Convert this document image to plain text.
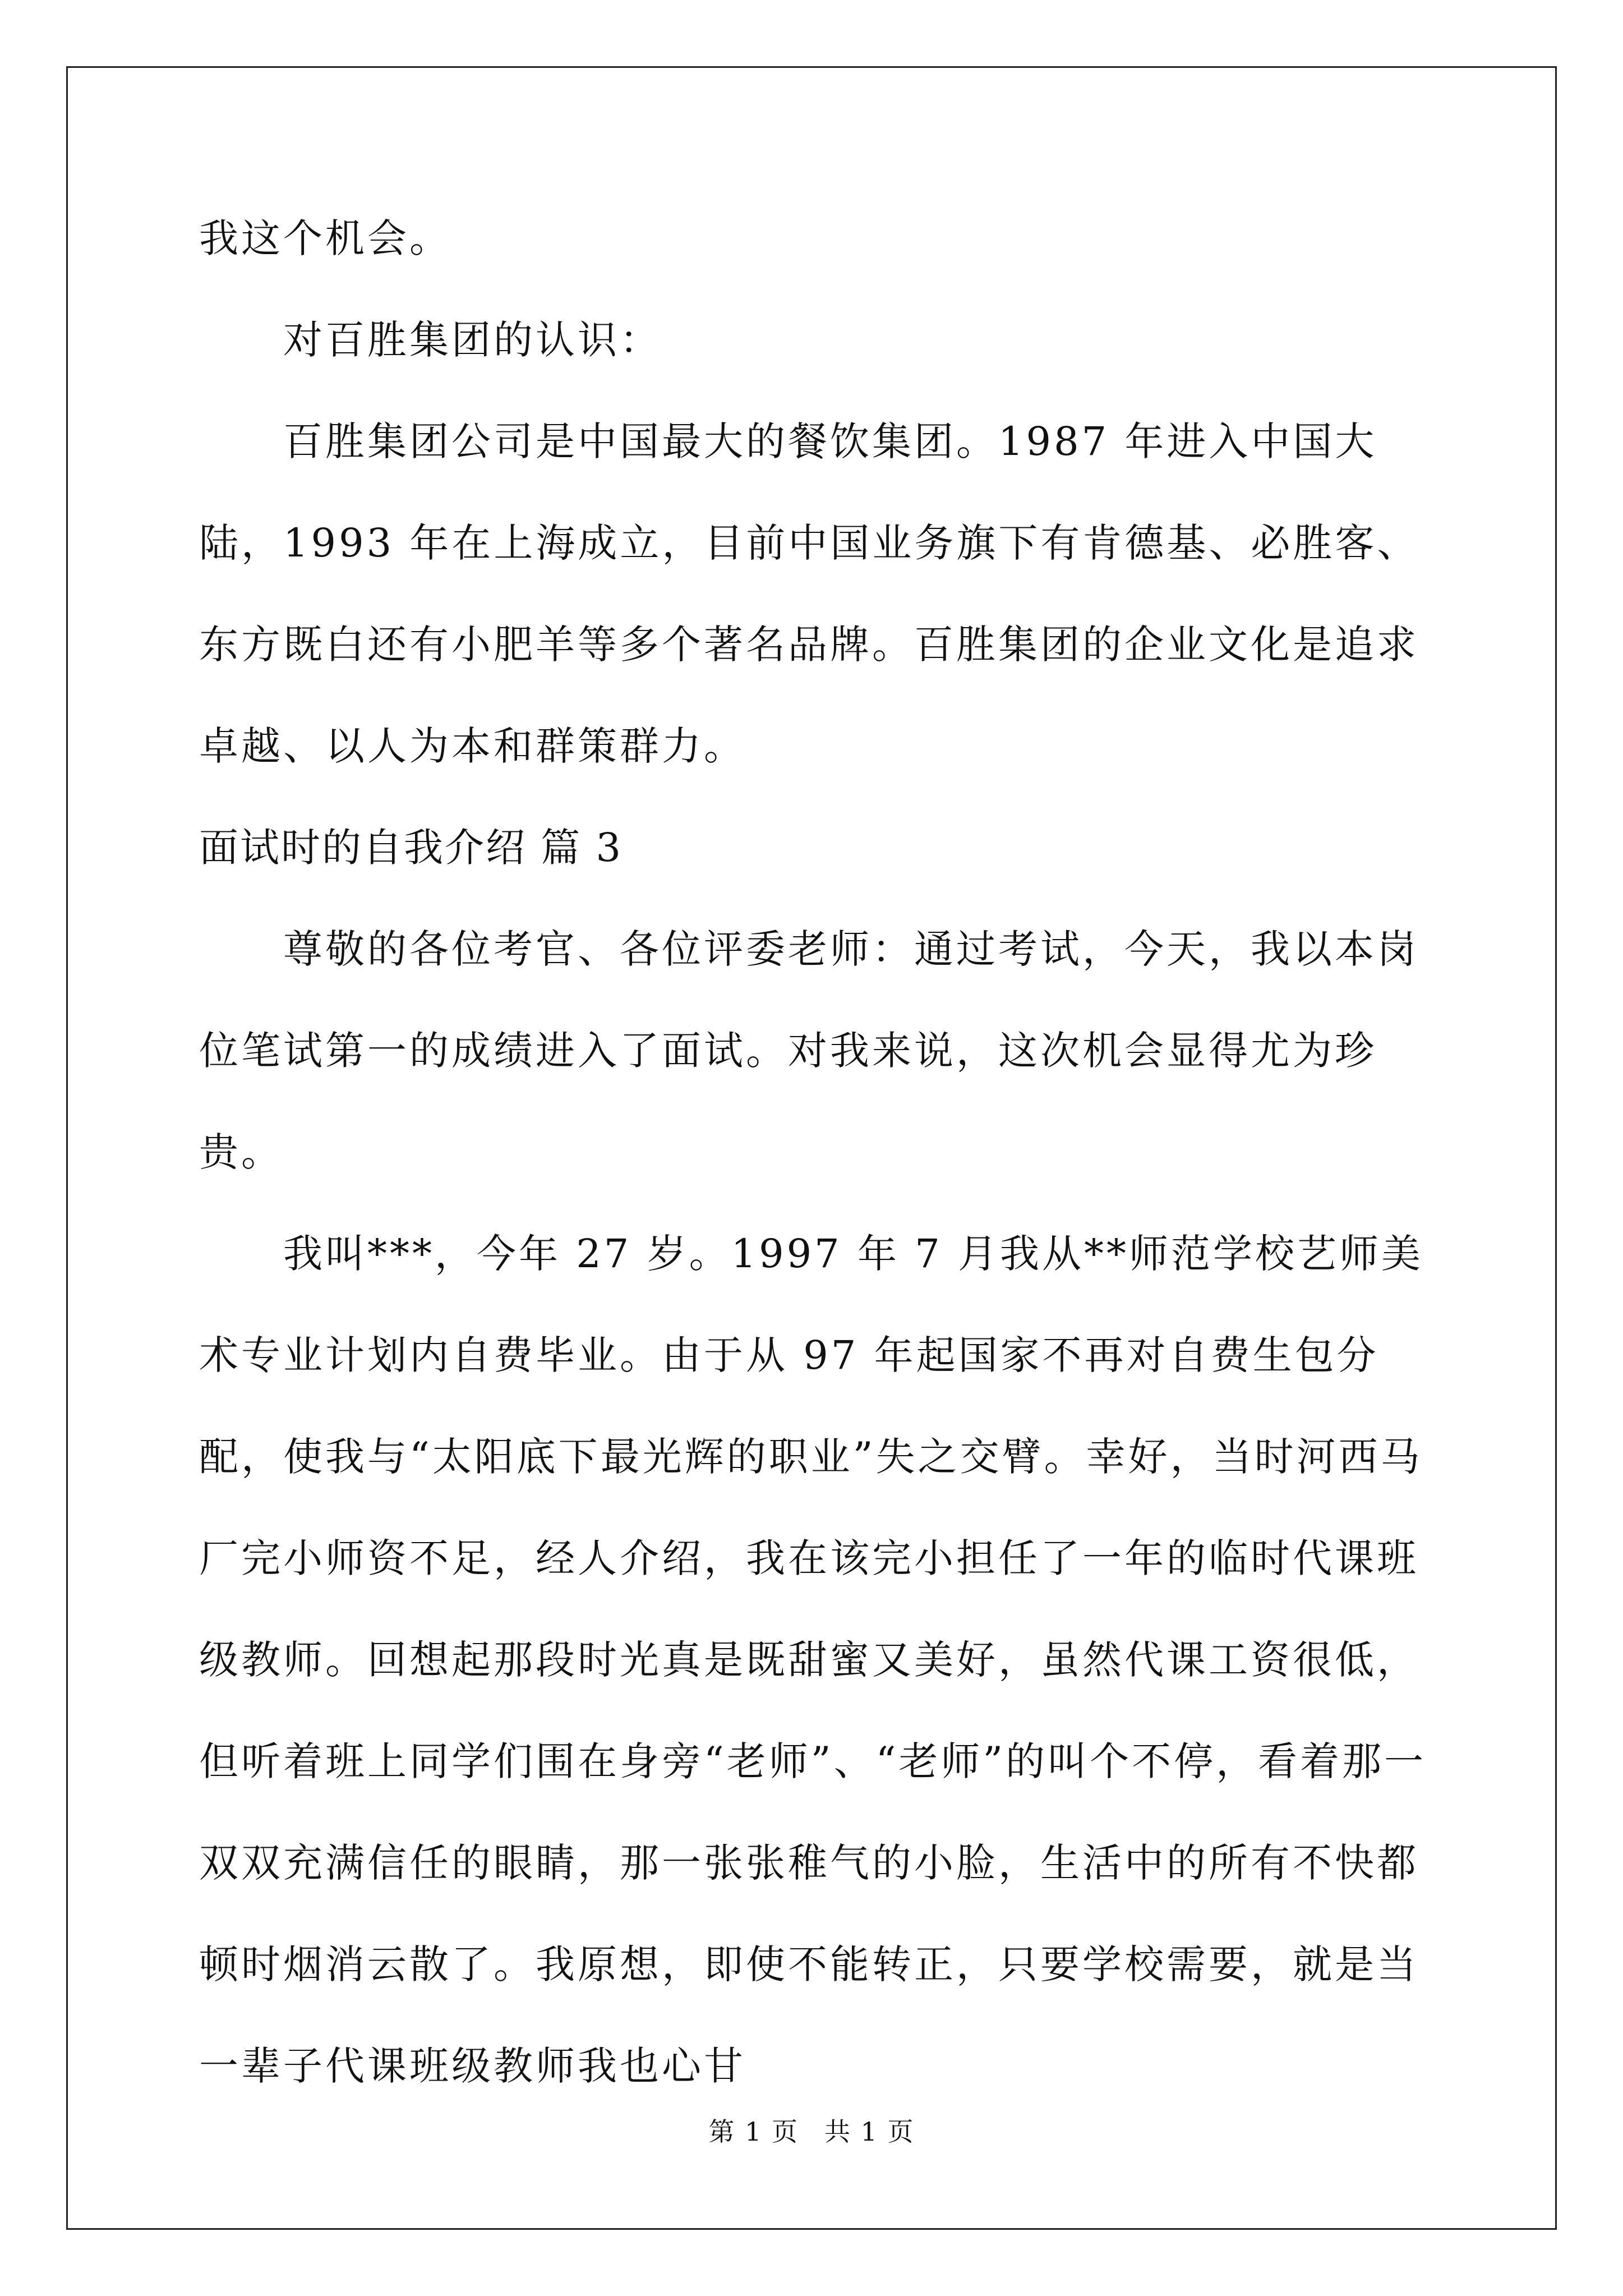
我这个机会。

对百胜集团的认识：

百胜集团公司是中国最大的餐饮集团。1987 年进入中国大陆，1993 年在上海成立，目前中国业务旗下有肯德基、必胜客、东方既白还有小肥羊等多个著名品牌。百胜集团的企业文化是追求卓越、以人为本和群策群力。

面试时的自我介绍 篇 3

尊敬的各位考官、各位评委老师：通过考试，今天，我以本岗位笔试第一的成绩进入了面试。对我来说，这次机会显得尤为珍贵。

我叫***，今年 27 岁。1997 年 7 月我从**师范学校艺师美术专业计划内自费毕业。由于从 97 年起国家不再对自费生包分配，使我与“太阳底下最光辉的职业”失之交臂。幸好，当时河西马厂完小师资不足，经人介绍，我在该完小担任了一年的临时代课班级教师。回想起那段时光真是既甜蜜又美好，虽然代课工资很低，但听着班上同学们围在身旁“老师”、“老师”的叫个不停，看着那一双双充满信任的眼睛，那一张张稚气的小脸，生活中的所有不快都顿时烟消云散了。我原想，即使不能转正，只要学校需要，就是当一辈子代课班级教师我也心甘

第 1 页 共 1 页
